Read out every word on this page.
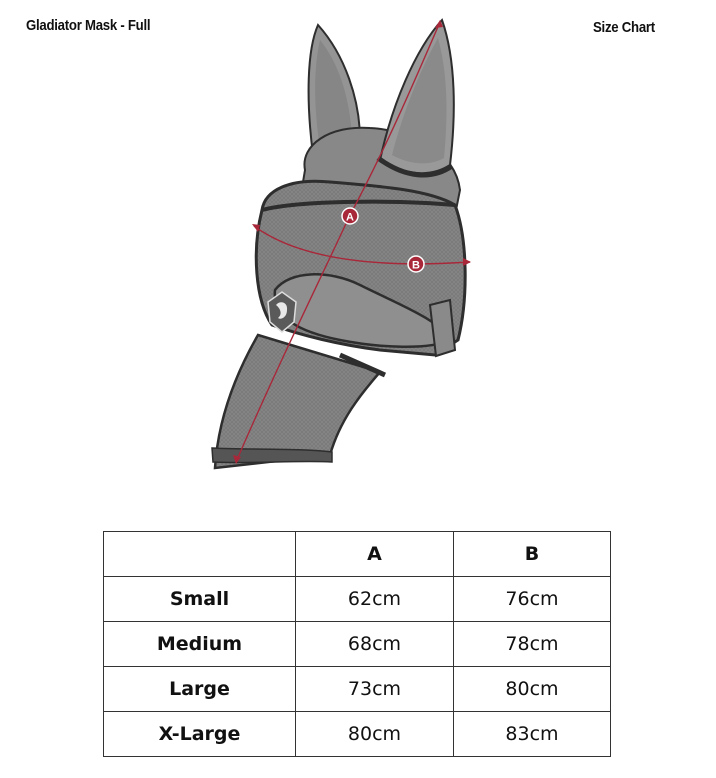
Gladiator Mask - Full	Size Chart
A
B
	A	B
Small	62cm	76cm
Medium	68cm	78cm
Large	73cm	80cm
X-Large	80cm	83cm
